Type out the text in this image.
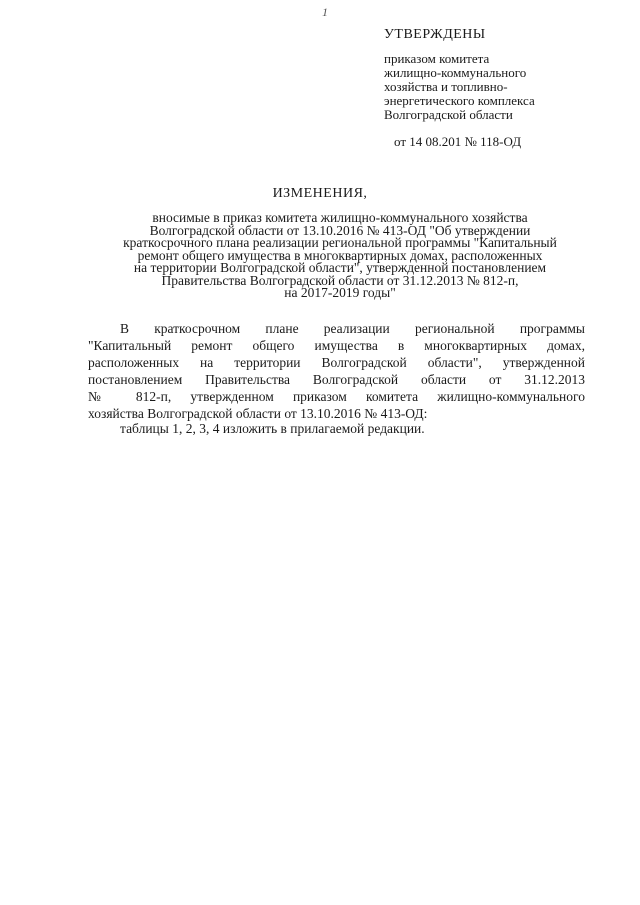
1
УТВЕРЖДЕНЫ
приказом комитета
жилищно-коммунального
хозяйства и топливно-
энергетического комплекса
Волгоградской области
от 14 08.201 № 118-ОД
ИЗМЕНЕНИЯ,
вносимые в приказ комитета жилищно-коммунального хозяйства
Волгоградской области от 13.10.2016 № 413-ОД "Об утверждении
краткосрочного плана реализации региональной программы "Капитальный
ремонт общего имущества в многоквартирных домах, расположенных
на территории Волгоградской области", утвержденной постановлением
Правительства Волгоградской области от 31.12.2013 № 812-п,
на 2017-2019 годы"
В краткосрочном плане реализации региональной программы
"Капитальный ремонт общего имущества в многоквартирных домах,
расположенных на территории Волгоградской области", утвержденной
постановлением Правительства Волгоградской области от 31.12.2013
№ 812-п, утвержденном приказом комитета жилищно-коммунального
хозяйства Волгоградской области от 13.10.2016 № 413-ОД:
таблицы 1, 2, 3, 4 изложить в прилагаемой редакции.
